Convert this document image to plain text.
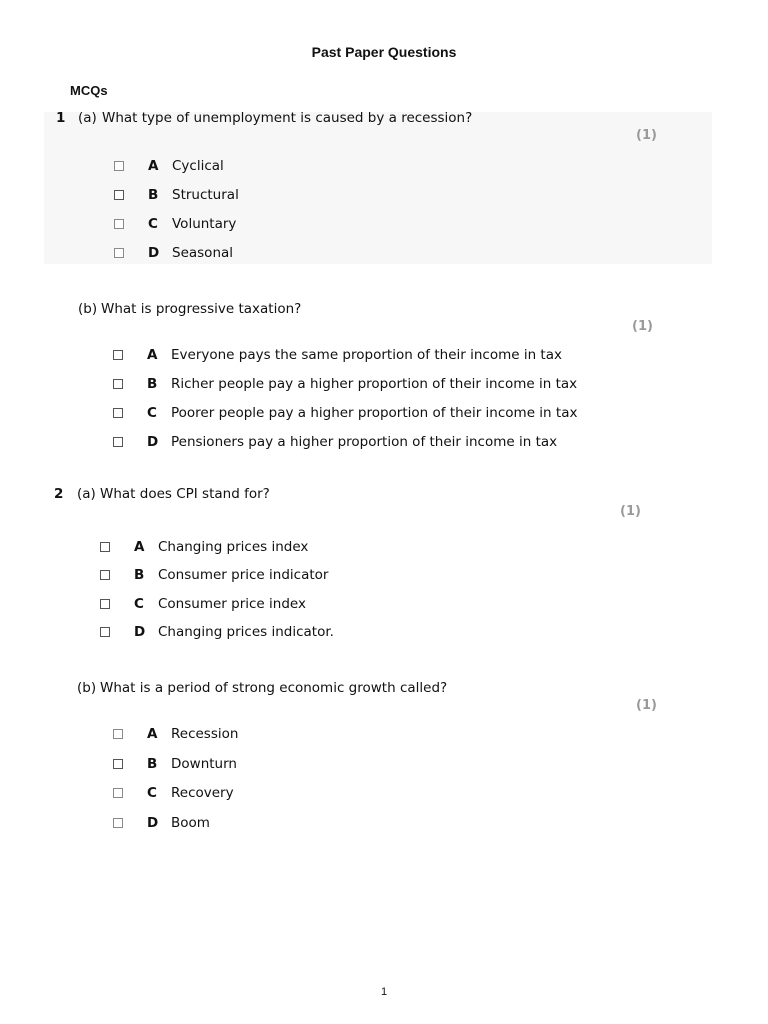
Past Paper Questions
MCQs
1 (a) What type of unemployment is caused by a recession?
(1)
A	Cyclical
B	Structural
C	Voluntary
D Seasonal
(b) What is progressive taxation?
(1)
A	Everyone pays the same proportion of their income in tax
B	Richer people pay a higher proportion of their income in tax
C	Poorer people pay a higher proportion of their income in tax
D Pensioners pay a higher proportion of their income in tax
2 (a) What does CPI stand for?
(1)
A	Changing prices index
B	Consumer price indicator
C	Consumer price index
D Changing prices indicator.
(b) What is a period of strong economic growth called?
(1)
A	Recession
B	Downturn
C	Recovery
D Boom
1
